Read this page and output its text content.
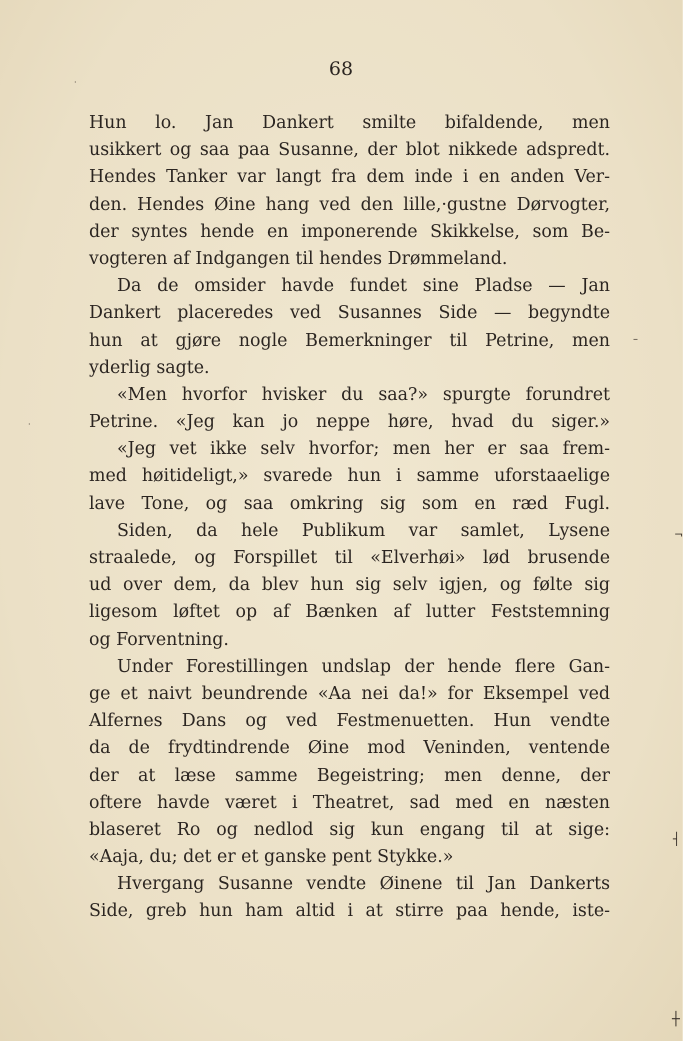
68
Hun lo. Jan Dankert smilte bifaldende, men
usikkert og saa paa Susanne, der blot nikkede adspredt.
Hendes Tanker var langt fra dem inde i en anden Ver-
den. Hendes Øine hang ved den lille,·gustne Dørvogter,
der syntes hende en imponerende Skikkelse, som Be-
vogteren af Indgangen til hendes Drømmeland.
Da de omsider havde fundet sine Pladse — Jan
Dankert placeredes ved Susannes Side — begyndte
hun at gjøre nogle Bemerkninger til Petrine, men
yderlig sagte.
«Men hvorfor hvisker du saa?» spurgte forundret
Petrine. «Jeg kan jo neppe høre, hvad du siger.»
«Jeg vet ikke selv hvorfor; men her er saa frem-
med høitideligt,» svarede hun i samme uforstaaelige
lave Tone, og saa omkring sig som en ræd Fugl.
Siden, da hele Publikum var samlet, Lysene
straalede, og Forspillet til «Elverhøi» lød brusende
ud over dem, da blev hun sig selv igjen, og følte sig
ligesom løftet op af Bænken af lutter Feststemning
og Forventning.
Under Forestillingen undslap der hende flere Gan-
ge et naivt beundrende «Aa nei da!» for Eksempel ved
Alfernes Dans og ved Festmenuetten. Hun vendte
da de frydtindrende Øine mod Veninden, ventende
der at læse samme Begeistring; men denne, der
oftere havde været i Theatret, sad med en næsten
blaseret Ro og nedlod sig kun engang til at sige:
«Aaja, du; det er et ganske pent Stykke.»
Hvergang Susanne vendte Øinene til Jan Dankerts
Side, greb hun ham altid i at stirre paa hende, iste-
·
–
·
¬
┤
┼
